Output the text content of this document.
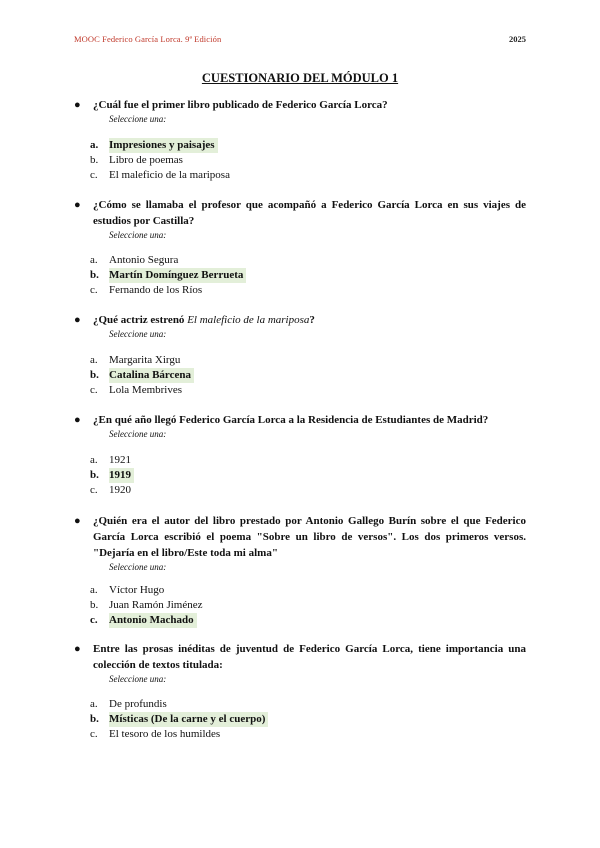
MOOC Federico García Lorca. 9ª Edición	2025
CUESTIONARIO DEL MÓDULO 1
●	¿Cuál fue el primer libro publicado de Federico García Lorca?
Seleccione una:
a. Impresiones y paisajes
b. Libro de poemas
c. El maleficio de la mariposa
●	¿Cómo se llamaba el profesor que acompañó a Federico García Lorca en sus viajes de estudios por Castilla?
Seleccione una:
a. Antonio Segura
b. Martín Domínguez Berrueta
c. Fernando de los Ríos
●	¿Qué actriz estrenó El maleficio de la mariposa?
Seleccione una:
a. Margarita Xirgu
b. Catalina Bárcena
c. Lola Membrives
●	¿En qué año llegó Federico García Lorca a la Residencia de Estudiantes de Madrid?
Seleccione una:
a. 1921
b. 1919
c. 1920
●	¿Quién era el autor del libro prestado por Antonio Gallego Burín sobre el que Federico García Lorca escribió el poema "Sobre un libro de versos". Los dos primeros versos. "Dejaría en el libro/Este toda mi alma"
Seleccione una:
a. Víctor Hugo
b. Juan Ramón Jiménez
c. Antonio Machado
●	Entre las prosas inéditas de juventud de Federico García Lorca, tiene importancia una colección de textos titulada:
Seleccione una:
a. De profundis
b. Místicas (De la carne y el cuerpo)
c. El tesoro de los humildes
